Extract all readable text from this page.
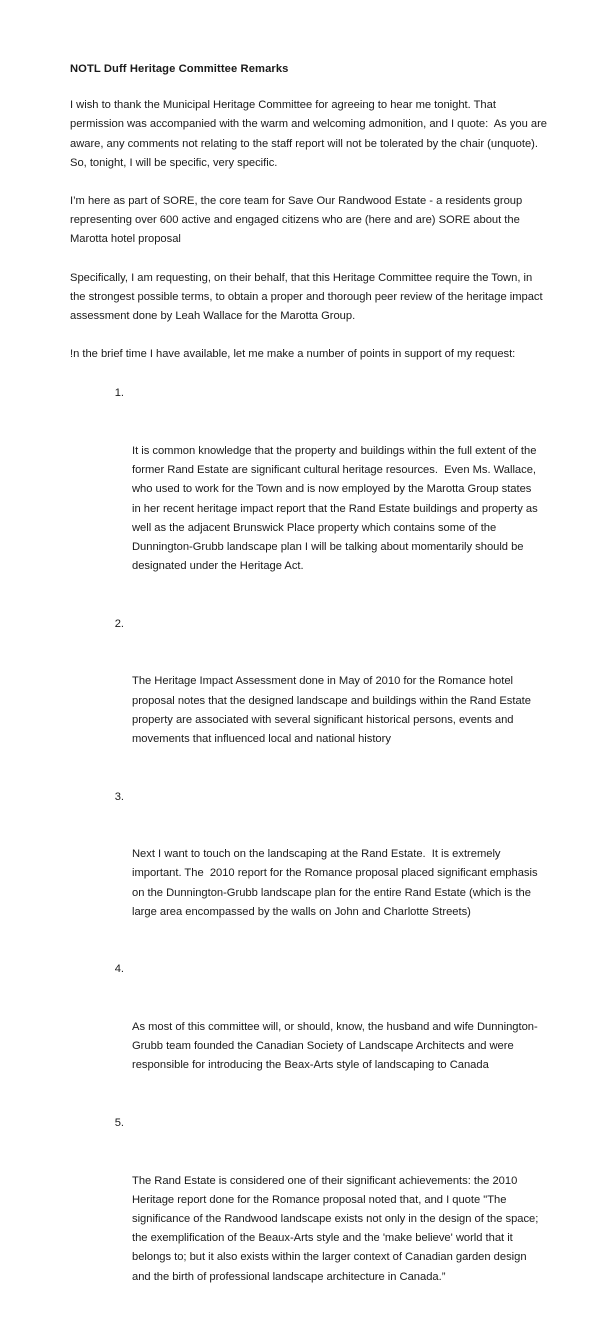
NOTL Duff Heritage Committee Remarks

I wish to thank the Municipal Heritage Committee for agreeing to hear me tonight. That permission was accompanied with the warm and welcoming admonition, and I quote:  As you are aware, any comments not relating to the staff report will not be tolerated by the chair (unquote). So, tonight, I will be specific, very specific.

I’m here as part of SORE, the core team for Save Our Randwood Estate - a residents group representing over 600 active and engaged citizens who are (here and are) SORE about the Marotta hotel proposal

Specifically, I am requesting, on their behalf, that this Heritage Committee require the Town, in the strongest possible terms, to obtain a proper and thorough peer review of the heritage impact assessment done by Leah Wallace for the Marotta Group.

!n the brief time I have available, let me make a number of points in support of my request:

1.

It is common knowledge that the property and buildings within the full extent of the former Rand Estate are significant cultural heritage resources.  Even Ms. Wallace, who used to work for the Town and is now employed by the Marotta Group states in her recent heritage impact report that the Rand Estate buildings and property as well as the adjacent Brunswick Place property which contains some of the Dunnington-Grubb landscape plan I will be talking about momentarily should be designated under the Heritage Act.

2.

The Heritage Impact Assessment done in May of 2010 for the Romance hotel proposal notes that the designed landscape and buildings within the Rand Estate property are associated with several significant historical persons, events and movements that influenced local and national history

3.

Next I want to touch on the landscaping at the Rand Estate.  It is extremely important. The  2010 report for the Romance proposal placed significant emphasis on the Dunnington-Grubb landscape plan for the entire Rand Estate (which is the large area encompassed by the walls on John and Charlotte Streets)

4.

As most of this committee will, or should, know, the husband and wife Dunnington-Grubb team founded the Canadian Society of Landscape Architects and were responsible for introducing the Beax-Arts style of landscaping to Canada

5.

The Rand Estate is considered one of their significant achievements: the 2010 Heritage report done for the Romance proposal noted that, and I quote "The significance of the Randwood landscape exists not only in the design of the space; the exemplification of the Beaux-Arts style and the 'make believe' world that it belongs to; but it also exists within the larger context of Canadian garden design and the birth of professional landscape architecture in Canada.”
